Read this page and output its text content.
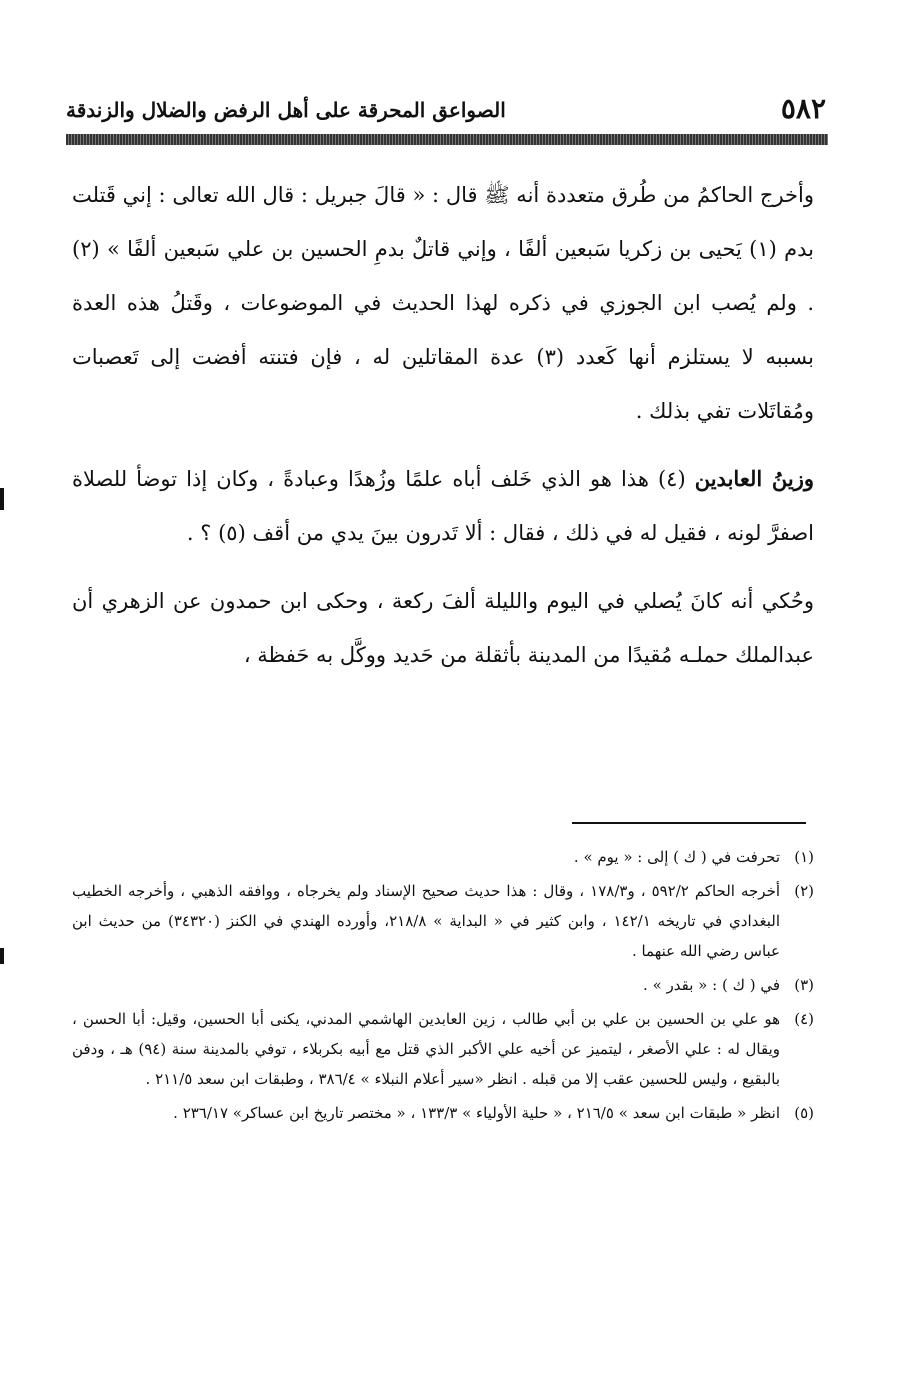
الصواعق المحرقة على أهل الرفض والضلال والزندقة	٥٨٢

وأخرج الحاكمُ من طُرق متعددة أنه ﷺ قال : « قالَ جبريل : قال الله تعالى : إني قَتلت بدم (١) يَحيى بن زكريا سَبعين ألفًا ، وإني قاتلٌ بدمِ الحسين بن علي سَبعين ألفًا » (٢) . ولم يُصب ابن الجوزي في ذكره لهذا الحديث في الموضوعات ، وقَتلُ هذه العدة بسببه لا يستلزم أنها كَعدد (٣) عدة المقاتلين له ، فإن فتنته أفضت إلى تَعصبات ومُقاتَلات تفي بذلك .

وزينُ العابدين (٤) هذا هو الذي خَلف أباه علمًا وزُهدًا وعبادةً ، وكان إذا توضأ للصلاة اصفرَّ لونه ، فقيل له في ذلك ، فقال : ألا تَدرون بينَ يدي من أقف (٥) ؟ .

وحُكي أنه كانَ يُصلي في اليوم والليلة ألفَ ركعة ، وحكى ابن حمدون عن الزهري أن عبدالملك حملـه مُقيدًا من المدينة بأثقلة من حَديد ووكَّل به حَفظة ،

(١)
تحرفت في ( ك ) إلى : « يوم » .

(٢)
أخرجه الحاكم ٥٩٢/٢ ، و١٧٨/٣ ، وقال : هذا حديث صحيح الإسناد ولم يخرجاه ، ووافقه الذهبي ، وأخرجه الخطيب البغدادي في تاريخه ١٤٢/١ ، وابن كثير في « البداية » ٢١٨/٨، وأورده الهندي في الكنز (٣٤٣٢٠) من حديث ابن عباس رضي الله عنهما .

(٣)
في ( ك ) : « بقدر » .

(٤)
هو علي بن الحسين بن علي بن أبي طالب ، زين العابدين الهاشمي المدني، يكنى أبا الحسين، وقيل: أبا الحسن ، ويقال له : علي الأصغر ، ليتميز عن أخيه علي الأكبر الذي قتل مع أبيه بكربلاء ، توفي بالمدينة سنة (٩٤) هـ ، ودفن بالبقيع ، وليس للحسين عقب إلا من قبله . انظر «سير أعلام النبلاء » ٣٨٦/٤ ، وطبقات ابن سعد ٢١١/٥ .

(٥)
انظر « طبقات ابن سعد » ٢١٦/٥ ، « حلية الأولياء » ١٣٣/٣ ، « مختصر تاريخ ابن عساكر» ٢٣٦/١٧ .
